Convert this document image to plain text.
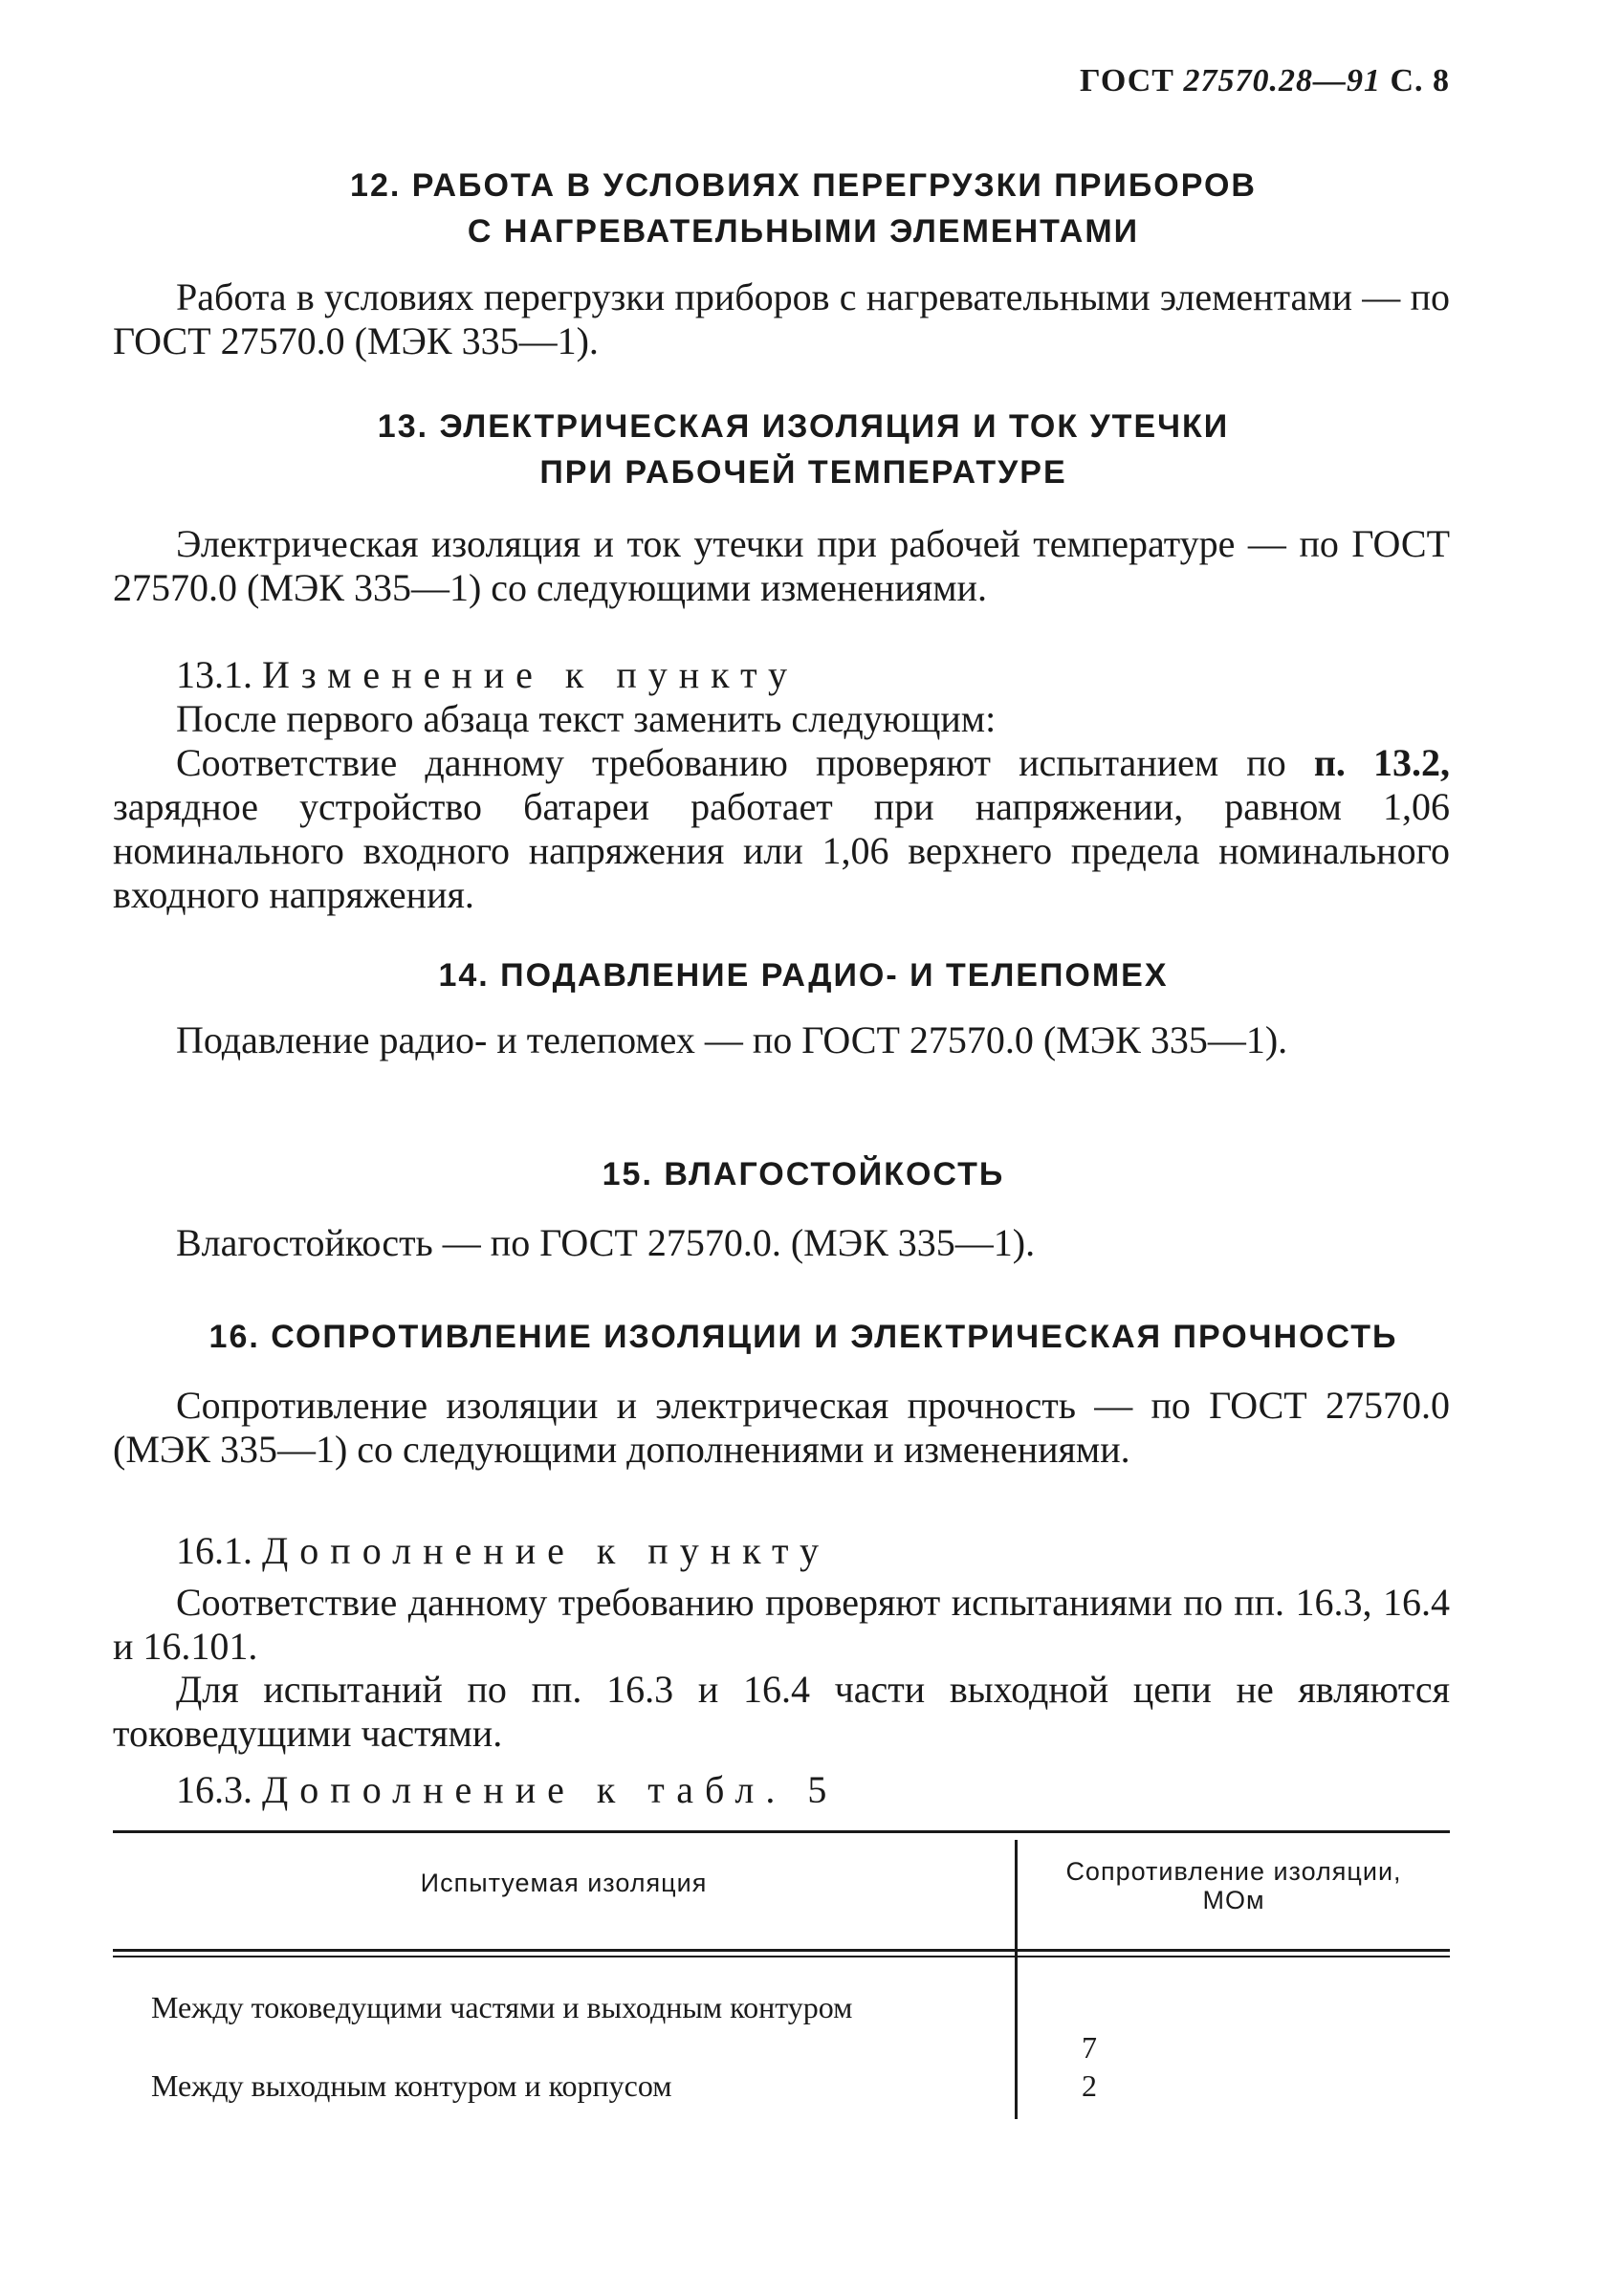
ГОСТ 27570.28—91 С. 8
12. РАБОТА В УСЛОВИЯХ ПЕРЕГРУЗКИ ПРИБОРОВ
С НАГРЕВАТЕЛЬНЫМИ ЭЛЕМЕНТАМИ
Работа в условиях перегрузки приборов с нагревательными элементами — по ГОСТ 27570.0 (МЭК 335—1).
13. ЭЛЕКТРИЧЕСКАЯ ИЗОЛЯЦИЯ И ТОК УТЕЧКИ
ПРИ РАБОЧЕЙ ТЕМПЕРАТУРЕ
Электрическая изоляция и ток утечки при рабочей температуре — по ГОСТ 27570.0 (МЭК 335—1) со следующими изменениями.
13.1. Изменение к пункту
После первого абзаца текст заменить следующим:
Соответствие данному требованию проверяют испытанием по п. 13.2, зарядное устройство батареи работает при напряжении, равном 1,06 номинального входного напряжения или 1,06 верхнего предела номинального входного напряжения.
14. ПОДАВЛЕНИЕ РАДИО- И ТЕЛЕПОМЕХ
Подавление радио- и телепомех — по ГОСТ 27570.0 (МЭК 335—1).
15. ВЛАГОСТОЙКОСТЬ
Влагостойкость — по ГОСТ 27570.0. (МЭК 335—1).
16. СОПРОТИВЛЕНИЕ ИЗОЛЯЦИИ И ЭЛЕКТРИЧЕСКАЯ ПРОЧНОСТЬ
Сопротивление изоляции и электрическая прочность — по ГОСТ 27570.0 (МЭК 335—1) со следующими дополнениями и изменениями.
16.1. Дополнение к пункту
Соответствие данному требованию проверяют испытаниями по пп. 16.3, 16.4 и 16.101.
Для испытаний по пп. 16.3 и 16.4 части выходной цепи не являются токоведущими частями.
16.3. Дополнение к табл. 5
Испытуемая изоляция	Сопротивление изоляции,
МОм
Между токоведущими частями и выходным контуром
7
Между выходным контуром и корпусом	2
